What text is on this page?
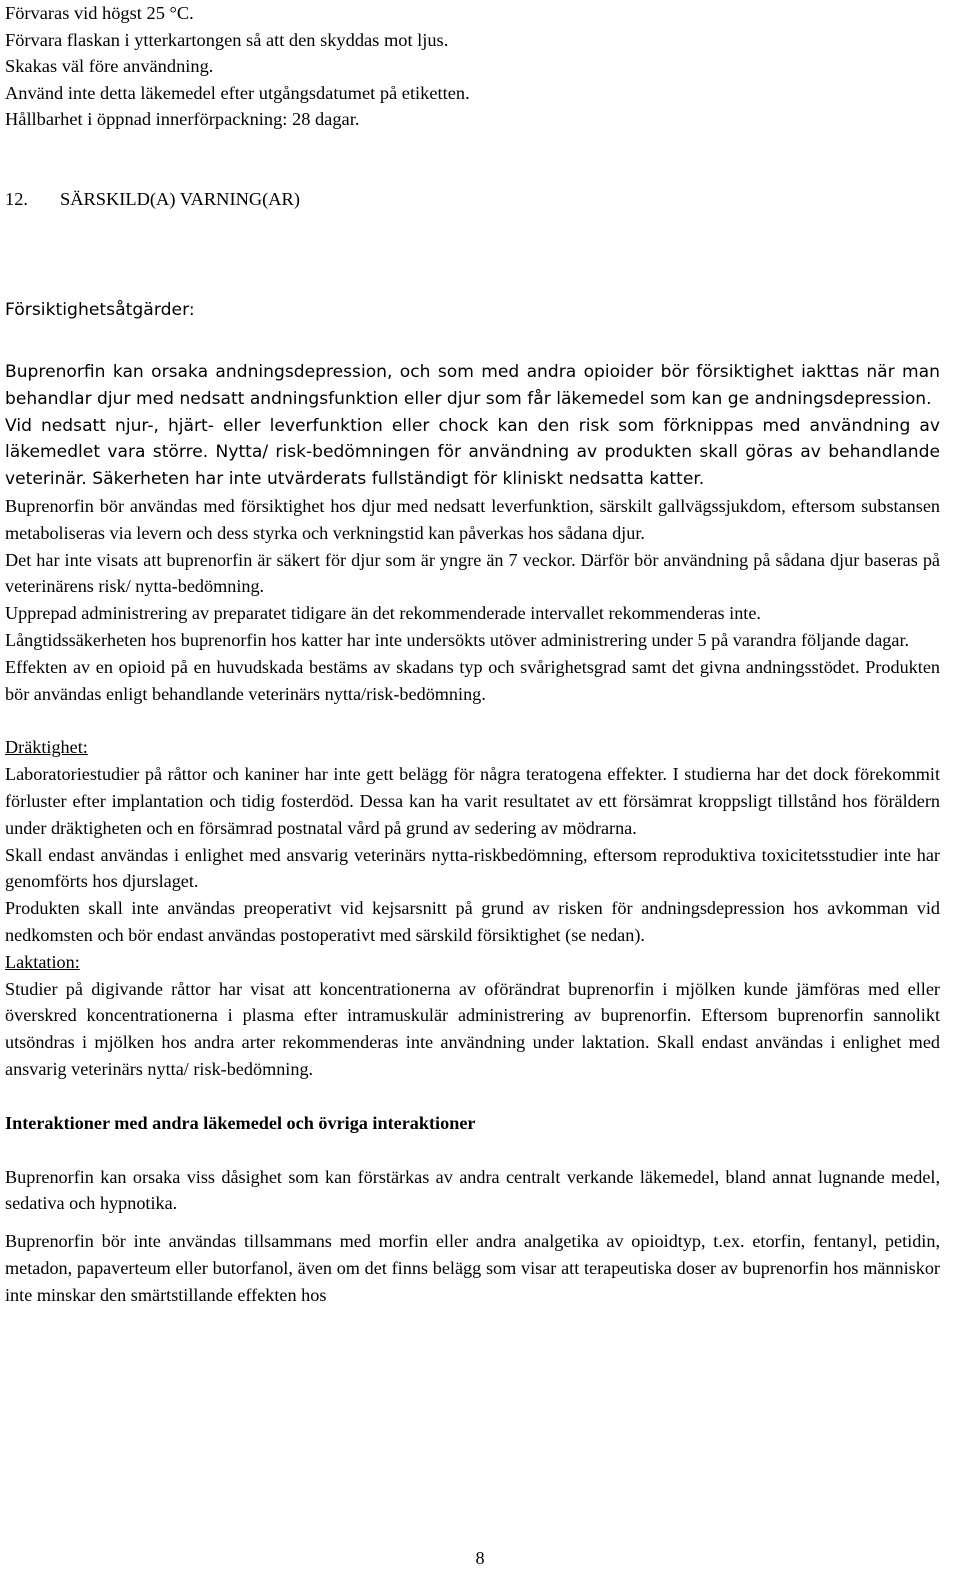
Förvaras vid högst 25 °C.
Förvara flaskan i ytterkartongen så att den skyddas mot ljus.
Skakas väl före användning.
Använd inte detta läkemedel efter utgångsdatumet på etiketten.
Hållbarhet i öppnad innerförpackning: 28 dagar.
12. SÄRSKILD(A) VARNING(AR)
Försiktighetsåtgärder:

Buprenorfin kan orsaka andningsdepression, och som med andra opioider bör försiktighet iakttas när man behandlar djur med nedsatt andningsfunktion eller djur som får läkemedel som kan ge andningsdepression.

Vid nedsatt njur-, hjärt- eller leverfunktion eller chock kan den risk som förknippas med användning av läkemedlet vara större. Nytta/ risk-bedömningen för användning av produkten skall göras av behandlande veterinär. Säkerheten har inte utvärderats fullständigt för kliniskt nedsatta katter.

Buprenorfin bör användas med försiktighet hos djur med nedsatt leverfunktion, särskilt gallvägssjukdom, eftersom substansen metaboliseras via levern och dess styrka och verkningstid kan påverkas hos sådana djur.

Det har inte visats att buprenorfin är säkert för djur som är yngre än 7 veckor. Därför bör användning på sådana djur baseras på veterinärens risk/ nytta-bedömning.

Upprepad administrering av preparatet tidigare än det rekommenderade intervallet rekommenderas inte.

Långtidssäkerheten hos buprenorfin hos katter har inte undersökts utöver administrering under 5 på varandra följande dagar.

Effekten av en opioid på en huvudskada bestäms av skadans typ och svårighetsgrad samt det givna andningsstödet. Produkten bör användas enligt behandlande veterinärs nytta/risk-bedömning.

Dräktighet:

Laboratoriestudier på råttor och kaniner har inte gett belägg för några teratogena effekter. I studierna har det dock förekommit förluster efter implantation och tidig fosterdöd. Dessa kan ha varit resultatet av ett försämrat kroppsligt tillstånd hos föräldern under dräktigheten och en försämrad postnatal vård på grund av sedering av mödrarna.

Skall endast användas i enlighet med ansvarig veterinärs nytta-riskbedömning, eftersom reproduktiva toxicitetsstudier inte har genomförts hos djurslaget.

Produkten skall inte användas preoperativt vid kejsarsnitt på grund av risken för andningsdepression hos avkomman vid nedkomsten och bör endast användas postoperativt med särskild försiktighet (se nedan).

Laktation:

Studier på digivande råttor har visat att koncentrationerna av oförändrat buprenorfin i mjölken kunde jämföras med eller överskred koncentrationerna i plasma efter intramuskulär administrering av buprenorfin. Eftersom buprenorfin sannolikt utsöndras i mjölken hos andra arter rekommenderas inte användning under laktation. Skall endast användas i enlighet med ansvarig veterinärs nytta/ risk-bedömning.

Interaktioner med andra läkemedel och övriga interaktioner

Buprenorfin kan orsaka viss dåsighet som kan förstärkas av andra centralt verkande läkemedel, bland annat lugnande medel, sedativa och hypnotika.

Buprenorfin bör inte användas tillsammans med morfin eller andra analgetika av opioidtyp, t.ex. etorfin, fentanyl, petidin, metadon, papaverteum eller butorfanol, även om det finns belägg som visar att terapeutiska doser av buprenorfin hos människor inte minskar den smärtstillande effekten hos

8
